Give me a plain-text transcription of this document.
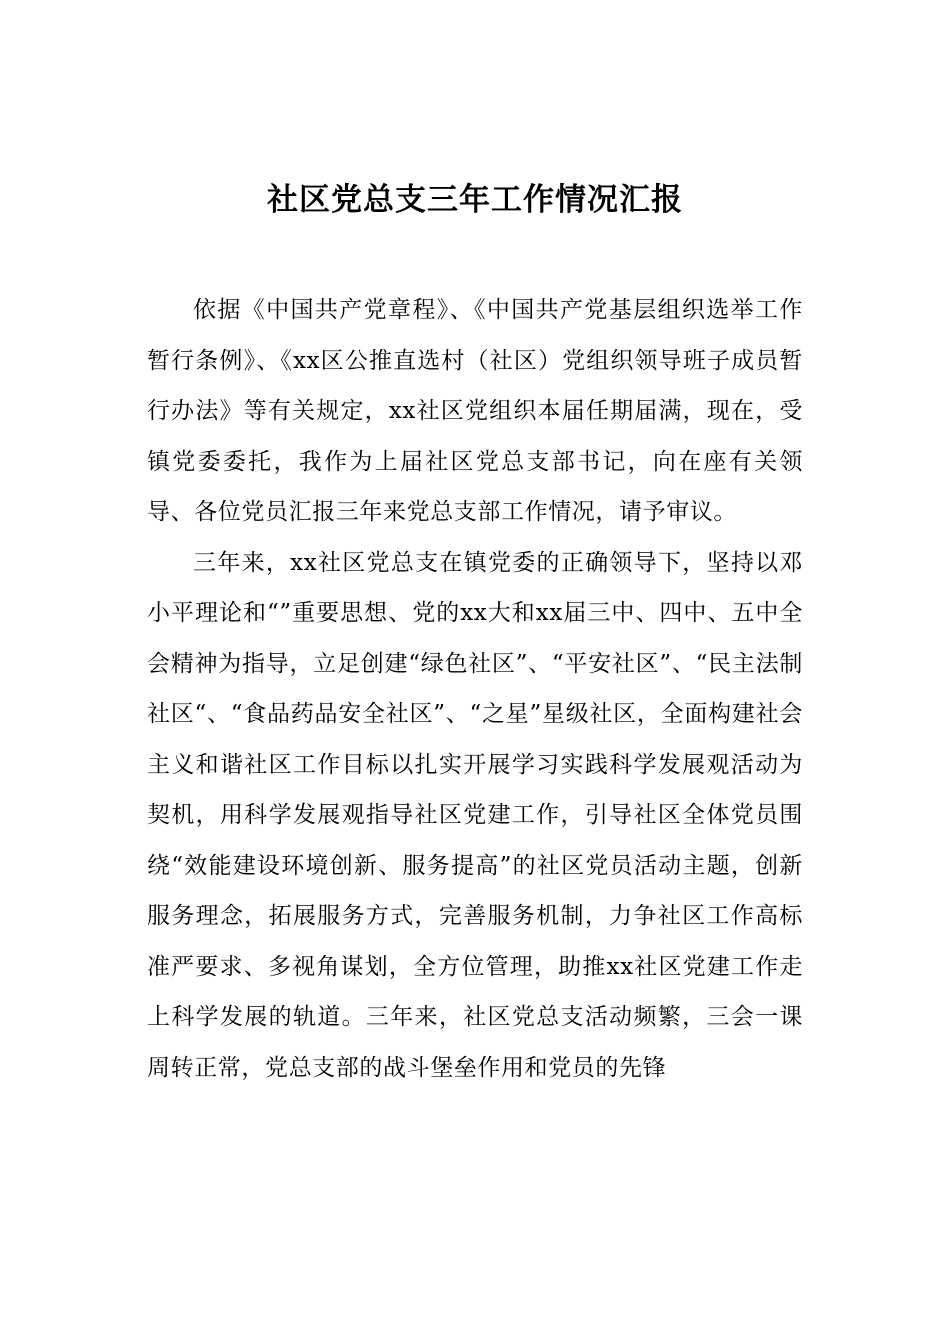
社区党总支三年工作情况汇报

依据《中国共产党章程》、《中国共产党基层组织选举工作暂行条例》、《xx区公推直选村（社区）党组织领导班子成员暂行办法》等有关规定，xx社区党组织本届任期届满，现在，受镇党委委托，我作为上届社区党总支部书记，向在座有关领导、各位党员汇报三年来党总支部工作情况，请予审议。

三年来，xx社区党总支在镇党委的正确领导下，坚持以邓小平理论和“”重要思想、党的xx大和xx届三中、四中、五中全会精神为指导，立足创建“绿色社区”、“平安社区”、“民主法制社区“、“食品药品安全社区”、“之星”星级社区，全面构建社会主义和谐社区工作目标以扎实开展学习实践科学发展观活动为契机，用科学发展观指导社区党建工作，引导社区全体党员围绕“效能建设环境创新、服务提高”的社区党员活动主题，创新服务理念，拓展服务方式，完善服务机制，力争社区工作高标准严要求、多视角谋划，全方位管理，助推xx社区党建工作走上科学发展的轨道。三年来，社区党总支活动频繁，三会一课周转正常，党总支部的战斗堡垒作用和党员的先锋
